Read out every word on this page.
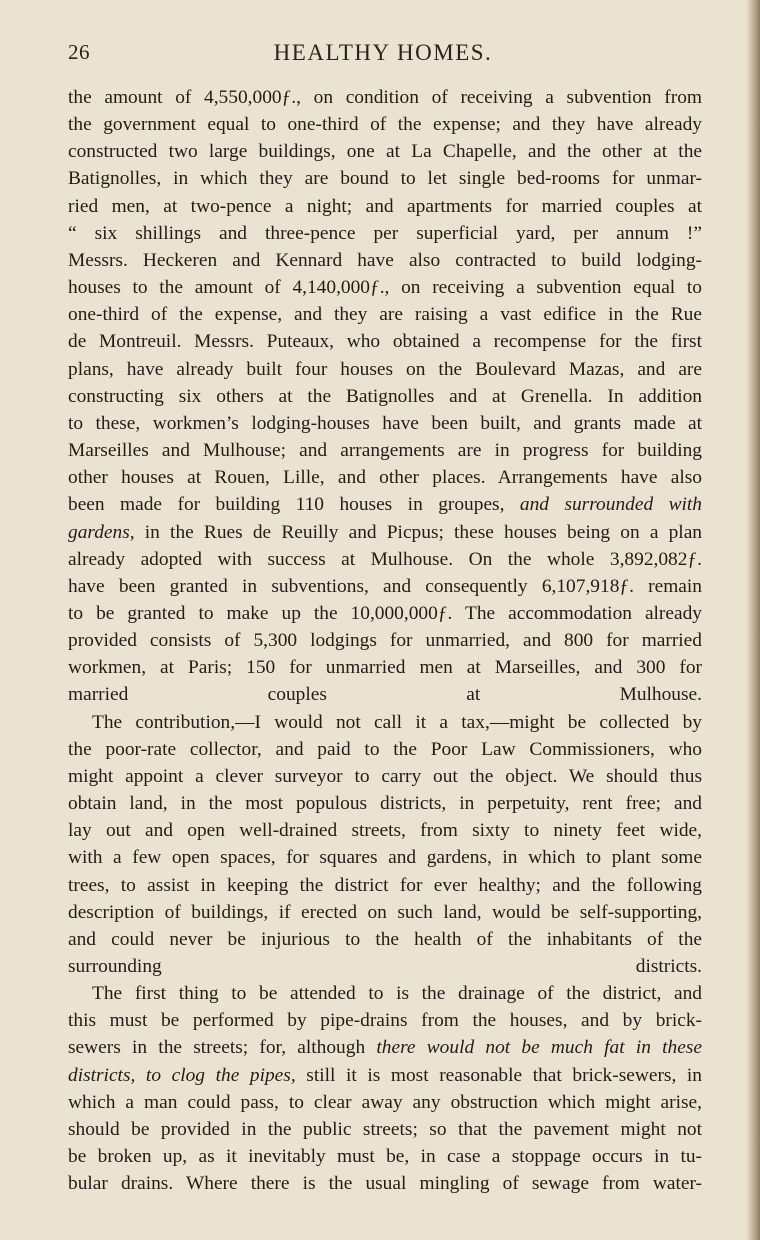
26	HEALTHY HOMES.

the amount of 4,550,000ƒ., on condition of receiving a subvention from
the government equal to one-third of the expense; and they have already
constructed two large buildings, one at La Chapelle, and the other at the
Batignolles, in which they are bound to let single bed-rooms for unmar-
ried men, at two-pence a night; and apartments for married couples at
“ six shillings and three-pence per superficial yard, per annum !”
Messrs. Heckeren and Kennard have also contracted to build lodging-
houses to the amount of 4,140,000ƒ., on receiving a subvention equal to
one-third of the expense, and they are raising a vast edifice in the Rue
de Montreuil. Messrs. Puteaux, who obtained a recompense for the first
plans, have already built four houses on the Boulevard Mazas, and are
constructing six others at the Batignolles and at Grenella. In addition
to these, workmen’s lodging-houses have been built, and grants made at
Marseilles and Mulhouse; and arrangements are in progress for building
other houses at Rouen, Lille, and other places. Arrangements have also
been made for building 110 houses in groupes, and surrounded with
gardens, in the Rues de Reuilly and Picpus; these houses being on a plan
already adopted with success at Mulhouse. On the whole 3,892,082ƒ.
have been granted in subventions, and consequently 6,107,918ƒ. remain
to be granted to make up the 10,000,000ƒ. The accommodation already
provided consists of 5,300 lodgings for unmarried, and 800 for married
workmen, at Paris; 150 for unmarried men at Marseilles, and 300 for
married couples at Mulhouse.

The contribution,—I would not call it a tax,—might be collected by
the poor-rate collector, and paid to the Poor Law Commissioners, who
might appoint a clever surveyor to carry out the object. We should thus
obtain land, in the most populous districts, in perpetuity, rent free; and
lay out and open well-drained streets, from sixty to ninety feet wide,
with a few open spaces, for squares and gardens, in which to plant some
trees, to assist in keeping the district for ever healthy; and the following
description of buildings, if erected on such land, would be self-supporting,
and could never be injurious to the health of the inhabitants of the
surrounding districts.

The first thing to be attended to is the drainage of the district, and
this must be performed by pipe-drains from the houses, and by brick-
sewers in the streets; for, although there would not be much fat in these
districts, to clog the pipes, still it is most reasonable that brick-sewers, in
which a man could pass, to clear away any obstruction which might arise,
should be provided in the public streets; so that the pavement might not
be broken up, as it inevitably must be, in case a stoppage occurs in tu-
bular drains. Where there is the usual mingling of sewage from water-
